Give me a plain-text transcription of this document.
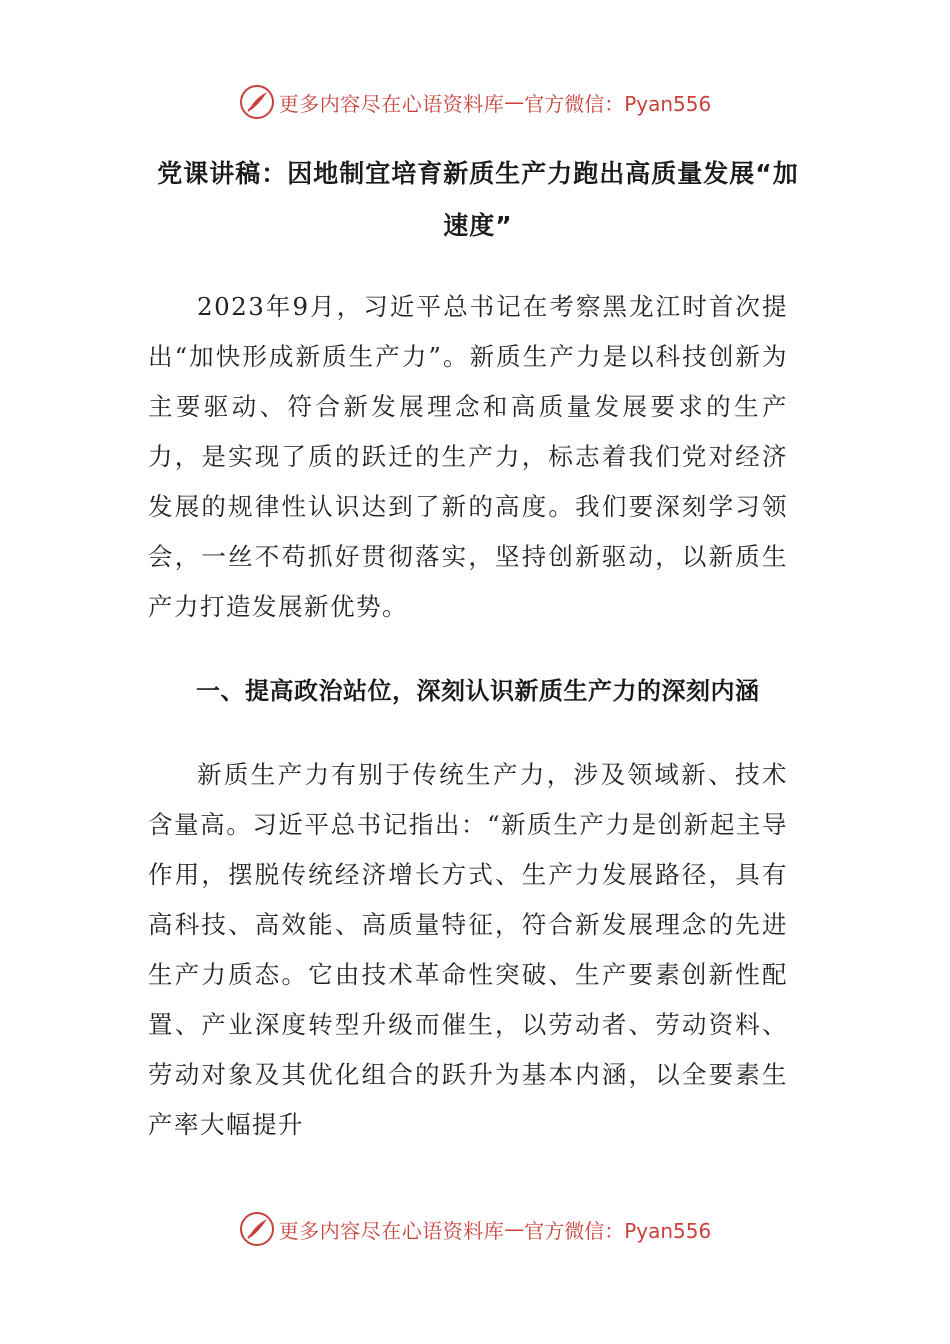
更多内容尽在心语资料库 — 官方微信：Pyan556
党课讲稿：因地制宜培育新质生产力跑出高质量发展“加速度”
2023年9月，习近平总书记在考察黑龙江时首次提出“加快形成新质生产力”。新质生产力是以科技创新为主要驱动、符合新发展理念和高质量发展要求的生产力，是实现了质的跃迁的生产力，标志着我们党对经济发展的规律性认识达到了新的高度。我们要深刻学习领会，一丝不苟抓好贯彻落实，坚持创新驱动，以新质生产力打造发展新优势。
一、提高政治站位，深刻认识新质生产力的深刻内涵
新质生产力有别于传统生产力，涉及领域新、技术含量高。习近平总书记指出：“新质生产力是创新起主导作用，摆脱传统经济增长方式、生产力发展路径，具有高科技、高效能、高质量特征，符合新发展理念的先进生产力质态。它由技术革命性突破、生产要素创新性配置、产业深度转型升级而催生，以劳动者、劳动资料、劳动对象及其优化组合的跃升为基本内涵，以全要素生产率大幅提升
更多内容尽在心语资料库 — 官方微信：Pyan556
